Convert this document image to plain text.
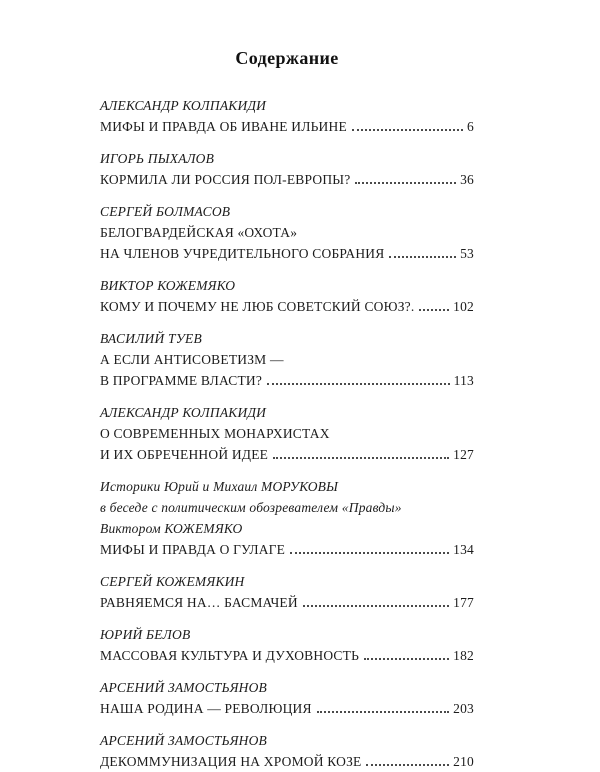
Содержание
АЛЕКСАНДР КОЛПАКИДИ
МИФЫ И ПРАВДА ОБ ИВАНЕ ИЛЬИНЕ	6
ИГОРЬ ПЫХАЛОВ
КОРМИЛА ЛИ РОССИЯ ПОЛ-ЕВРОПЫ?	36
СЕРГЕЙ БОЛМАСОВ
БЕЛОГВАРДЕЙСКАЯ «ОХОТА»
НА ЧЛЕНОВ УЧРЕДИТЕЛЬНОГО СОБРАНИЯ	53
ВИКТОР КОЖЕМЯКО
КОМУ И ПОЧЕМУ НЕ ЛЮБ СОВЕТСКИЙ СОЮЗ?.	102
ВАСИЛИЙ ТУЕВ
А ЕСЛИ АНТИСОВЕТИЗМ —
В ПРОГРАММЕ ВЛАСТИ?	113
АЛЕКСАНДР КОЛПАКИДИ
О СОВРЕМЕННЫХ МОНАРХИСТАХ
И ИХ ОБРЕЧЕННОЙ ИДЕЕ	127
Историки Юрий и Михаил МОРУКОВЫ
в беседе с политическим обозревателем «Правды»
Виктором КОЖЕМЯКО
МИФЫ И ПРАВДА О ГУЛАГЕ	134
СЕРГЕЙ КОЖЕМЯКИН
РАВНЯЕМСЯ НА… БАСМАЧЕЙ	177
ЮРИЙ БЕЛОВ
МАССОВАЯ КУЛЬТУРА И ДУХОВНОСТЬ	182
АРСЕНИЙ ЗАМОСТЬЯНОВ
НАША РОДИНА — РЕВОЛЮЦИЯ	203
АРСЕНИЙ ЗАМОСТЬЯНОВ
ДЕКОММУНИЗАЦИЯ НА ХРОМОЙ КОЗЕ	210
